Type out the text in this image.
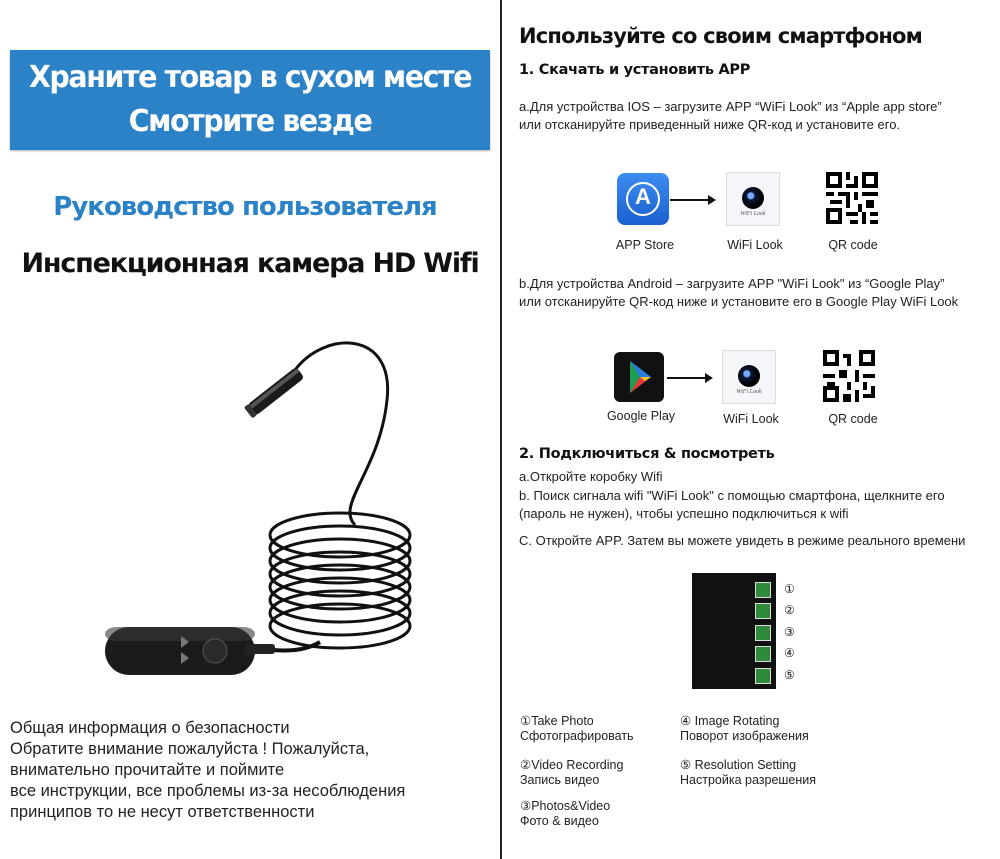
Храните товар в сухом месте
Смотрите везде
Руководство пользователя
Инспекционная камера HD Wifi
Общая информация о безопасности
Обратите внимание пожалуйста ! Пожалуйста,
внимательно прочитайте и поймите
все инструкции, все проблемы из-за несоблюдения
принципов то не несут ответственности
Используйте со своим смартфоном
1. Скачать и установить APP
a.Для устройства IOS – загрузите APP “WiFi Look” из “Apple app store”
или отсканируйте приведенный ниже QR-код и установите его.
A
WiFi Look
APP Store	WiFi Look	QR code
b.Для устройства Android – загрузите APP "WiFi Look" из “Google Play”
или отсканируйте QR-код ниже и установите его в Google Play WiFi Look
WiFi Look
Google Play	WiFi Look	QR code
2. Подключиться & посмотреть
a.Откройте коробку Wifi
b. Поиск сигнала wifi "WiFi Look" с помощью смартфона, щелкните его
(пароль не нужен), чтобы успешно подключиться к wifi
C. Откройте APP. Затем вы можете увидеть в режиме реального времени
①
②
③
④
⑤
①Take Photo
Сфотографировать
④ Image Rotating
Поворот изображения
②Video Recording
Запись видео
⑤ Resolution Setting
Настройка разрешения
③Photos&Video
Фото & видео
